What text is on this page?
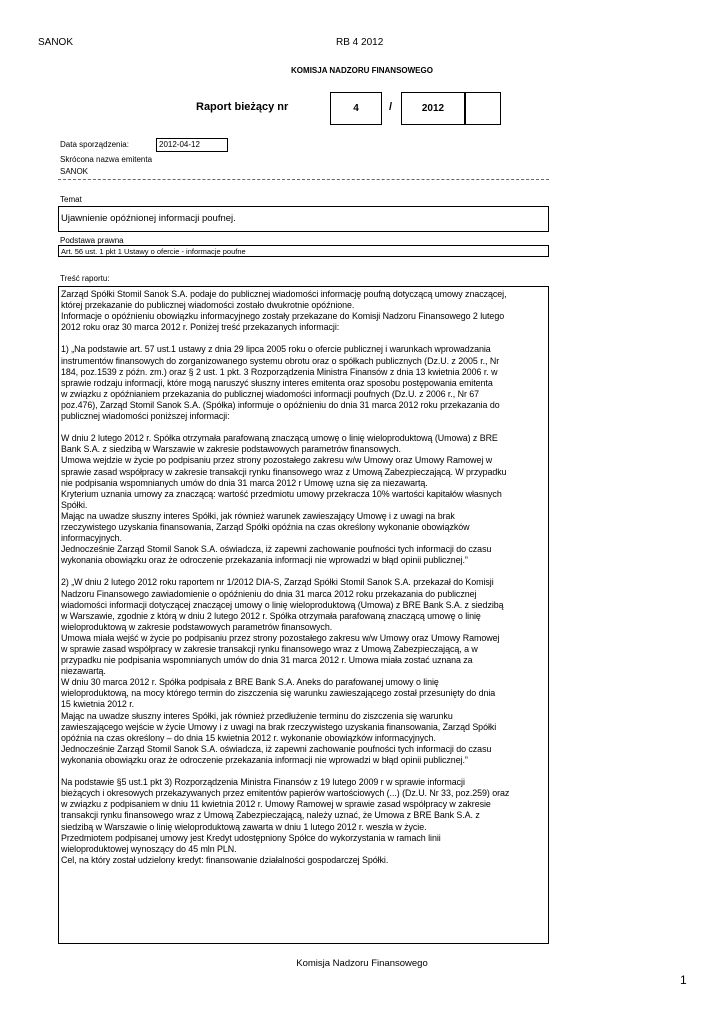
SANOK	RB 4 2012
KOMISJA NADZORU FINANSOWEGO
Raport bieżący nr	4	/	2012
Data sporządzenia:	2012-04-12
Skrócona nazwa emitenta
SANOK
Temat
Ujawnienie opóźnionej informacji poufnej.
Podstawa prawna
Art. 56 ust. 1 pkt 1 Ustawy o ofercie - informacje poufne
Treść raportu:
Zarząd Spółki Stomil Sanok S.A. podaje do publicznej wiadomości informację poufną dotyczącą umowy znaczącej,
której przekazanie do publicznej wiadomości zostało dwukrotnie opóźnione.
Informacje o opóźnieniu obowiązku informacyjnego zostały przekazane do Komisji Nadzoru Finansowego 2 lutego
2012 roku oraz 30 marca 2012 r. Poniżej treść przekazanych informacji:

1) „Na podstawie art. 57 ust.1 ustawy z dnia 29 lipca 2005 roku o ofercie publicznej i warunkach wprowadzania
instrumentów finansowych do zorganizowanego systemu obrotu oraz o spółkach publicznych (Dz.U. z 2005 r., Nr
184, poz.1539 z późn. zm.) oraz § 2 ust. 1 pkt. 3 Rozporządzenia Ministra Finansów z dnia 13 kwietnia 2006 r. w
sprawie rodzaju informacji, które mogą naruszyć słuszny interes emitenta oraz sposobu postępowania emitenta
w związku z opóźnianiem przekazania do publicznej wiadomości informacji poufnych (Dz.U. z 2006 r., Nr 67
poz.476), Zarząd Stomil Sanok S.A. (Spółka) informuje o opóźnieniu do dnia 31 marca 2012 roku przekazania do
publicznej wiadomości poniższej informacji:

W dniu 2 lutego 2012 r. Spółka otrzymała parafowaną znaczącą umowę o linię wieloproduktową (Umowa) z BRE
Bank S.A. z siedzibą w Warszawie w zakresie podstawowych parametrów finansowych.
Umowa wejdzie w życie po podpisaniu przez strony pozostałego zakresu w/w Umowy oraz Umowy Ramowej w
sprawie zasad współpracy w zakresie transakcji rynku finansowego wraz z Umową Zabezpieczającą. W przypadku
nie podpisania wspomnianych umów do dnia 31 marca 2012 r Umowę uzna się za niezawartą.
Kryterium uznania umowy za znaczącą: wartość przedmiotu umowy przekracza 10% wartości kapitałów własnych
Spółki.
Mając na uwadze słuszny interes Spółki, jak również warunek zawieszający Umowę i z uwagi na brak
rzeczywistego uzyskania finansowania, Zarząd Spółki opóźnia na czas określony wykonanie obowiązków
informacyjnych.
Jednocześnie Zarząd Stomil Sanok S.A. oświadcza, iż zapewni zachowanie poufności tych informacji do czasu
wykonania obowiązku oraz że odroczenie przekazania informacji nie wprowadzi w błąd opinii publicznej.”

2) „W dniu 2 lutego 2012 roku raportem nr 1/2012 DIA-S, Zarząd Spółki Stomil Sanok S.A. przekazał do Komisji
Nadzoru Finansowego zawiadomienie o opóźnieniu do dnia 31 marca 2012 roku przekazania do publicznej
wiadomości informacji dotyczącej znaczącej umowy o linię wieloproduktową (Umowa) z BRE Bank S.A. z siedzibą
w Warszawie, zgodnie z którą w dniu 2 lutego 2012 r. Spółka otrzymała parafowaną znaczącą umowę o linię
wieloproduktową w zakresie podstawowych parametrów finansowych.
Umowa miała wejść w życie po podpisaniu przez strony pozostałego zakresu w/w Umowy oraz Umowy Ramowej
w sprawie zasad współpracy w zakresie transakcji rynku finansowego wraz z Umową Zabezpieczającą, a w
przypadku nie podpisania wspomnianych umów do dnia 31 marca 2012 r. Umowa miała zostać uznana za
niezawartą.
W dniu 30 marca 2012 r. Spółka podpisała z BRE Bank S.A. Aneks do parafowanej umowy o linię
wieloproduktową, na mocy którego termin do ziszczenia się warunku zawieszającego został przesunięty do dnia
15 kwietnia 2012 r.
Mając na uwadze słuszny interes Spółki, jak również przedłużenie terminu do ziszczenia się warunku
zawieszającego wejście w życie Umowy i z uwagi na brak rzeczywistego uzyskania finansowania, Zarząd Spółki
opóźnia na czas określony – do dnia 15 kwietnia 2012 r. wykonanie obowiązków informacyjnych.
Jednocześnie Zarząd Stomil Sanok S.A. oświadcza, iż zapewni zachowanie poufności tych informacji do czasu
wykonania obowiązku oraz że odroczenie przekazania informacji nie wprowadzi w błąd opinii publicznej.”

Na podstawie §5 ust.1 pkt 3) Rozporządzenia Ministra Finansów z 19 lutego 2009 r w sprawie informacji
bieżących i okresowych przekazywanych przez emitentów papierów wartościowych (...) (Dz.U. Nr 33, poz.259) oraz
w związku z podpisaniem w dniu 11 kwietnia 2012 r. Umowy Ramowej w sprawie zasad współpracy w zakresie
transakcji rynku finansowego wraz z Umową Zabezpieczającą, należy uznać, że Umowa z BRE Bank S.A. z
siedzibą w Warszawie o linię wieloproduktową zawarta w dniu 1 lutego 2012 r. weszła w życie.
Przedmiotem podpisanej umowy jest Kredyt udostępniony Spółce do wykorzystania w ramach linii
wieloproduktowej wynoszący do 45 mln PLN.
Cel, na który został udzielony kredyt: finansowanie działalności gospodarczej Spółki.
Komisja Nadzoru Finansowego
1
